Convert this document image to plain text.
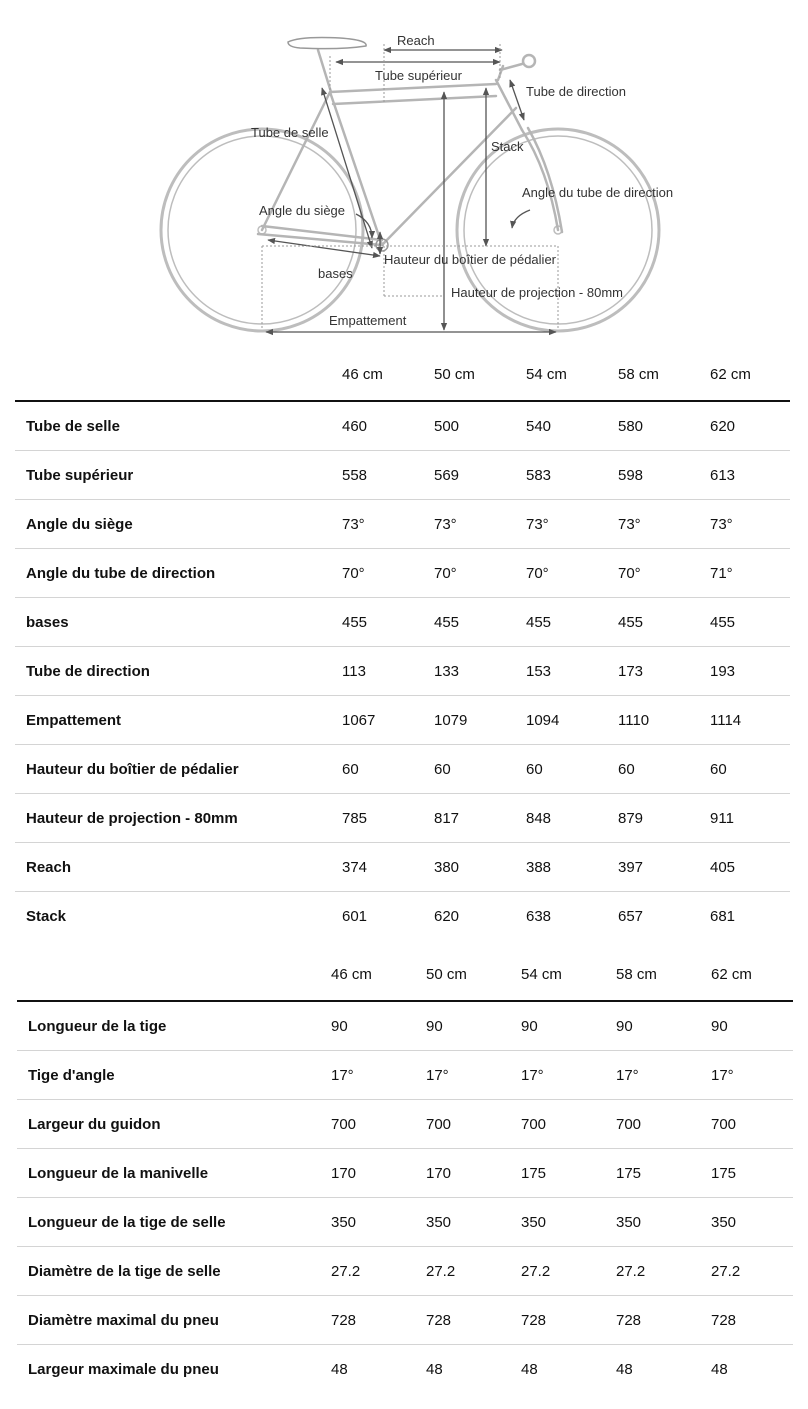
Reach
Tube supérieur
Tube de direction
Tube de selle
Stack
Angle du tube de direction
Angle du siège
Hauteur du boîtier de pédalier
bases
Hauteur de projection - 80mm
Empattement
	46 cm	50 cm	54 cm	58 cm	62 cm
Tube de selle	460	500	540	580	620
Tube supérieur	558	569	583	598	613
Angle du siège	73°	73°	73°	73°	73°
Angle du tube de direction	70°	70°	70°	70°	71°
bases	455	455	455	455	455
Tube de direction	113	133	153	173	193
Empattement	1067	1079	1094	1110	1114
Hauteur du boîtier de pédalier	60	60	60	60	60
Hauteur de projection - 80mm	785	817	848	879	911
Reach	374	380	388	397	405
Stack	601	620	638	657	681
	46 cm	50 cm	54 cm	58 cm	62 cm
Longueur de la tige	90	90	90	90	90
Tige d'angle	17°	17°	17°	17°	17°
Largeur du guidon	700	700	700	700	700
Longueur de la manivelle	170	170	175	175	175
Longueur de la tige de selle	350	350	350	350	350
Diamètre de la tige de selle	27.2	27.2	27.2	27.2	27.2
Diamètre maximal du pneu	728	728	728	728	728
Largeur maximale du pneu	48	48	48	48	48
